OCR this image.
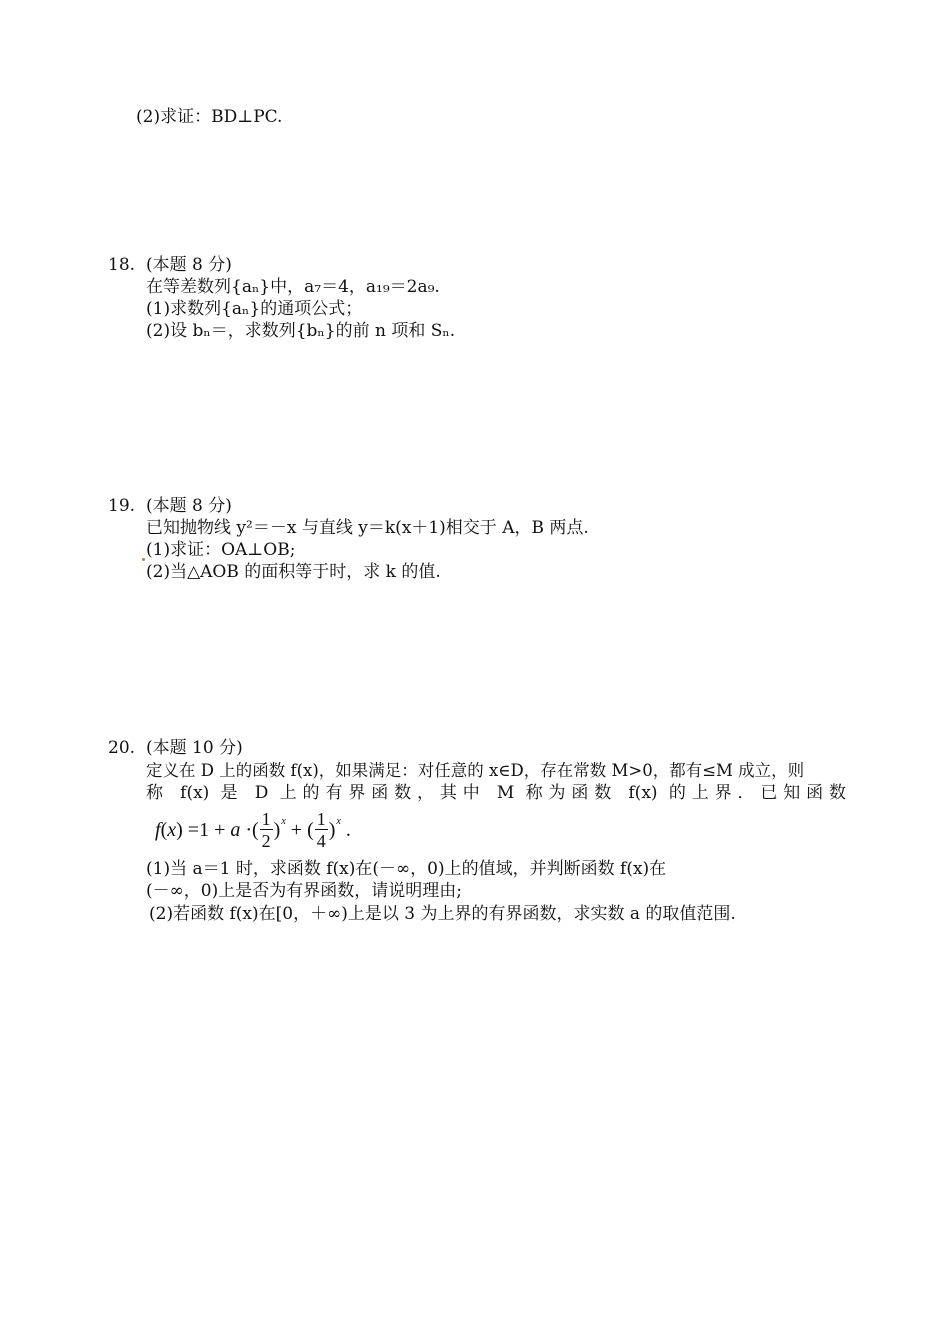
(2)求证：BD⊥PC.
18. (本题 8 分)
在等差数列{aₙ}中，a₇＝4，a₁₉＝2a₉.
(1)求数列{aₙ}的通项公式；
(2)设 bₙ＝，求数列{bₙ}的前 n 项和 Sₙ.
19. (本题 8 分)
已知抛物线 y²＝－x 与直线 y＝k(x＋1)相交于 A，B 两点.
(1)求证：OA⊥OB;
(2)当△AOB 的面积等于时，求 k 的值.
20. (本题 10 分)
定义在 D 上的函数 f(x)，如果满足：对任意的 x∈D，存在常数 M>0，都有≤M 成立，则
称 f(x) 是 D 上的有界函数，其中 M 称为函数 f(x) 的上界．已知函数
f(x) =1 + a ·( $\frac{1}{2} )^x$ + ( $\frac{1}{4} )^x$ .
(1)当 a＝1 时，求函数 f(x)在(－∞，0)上的值域，并判断函数 f(x)在
(－∞，0)上是否为有界函数，请说明理由;
(2)若函数 f(x)在[0，＋∞)上是以 3 为上界的有界函数，求实数 a 的取值范围.
